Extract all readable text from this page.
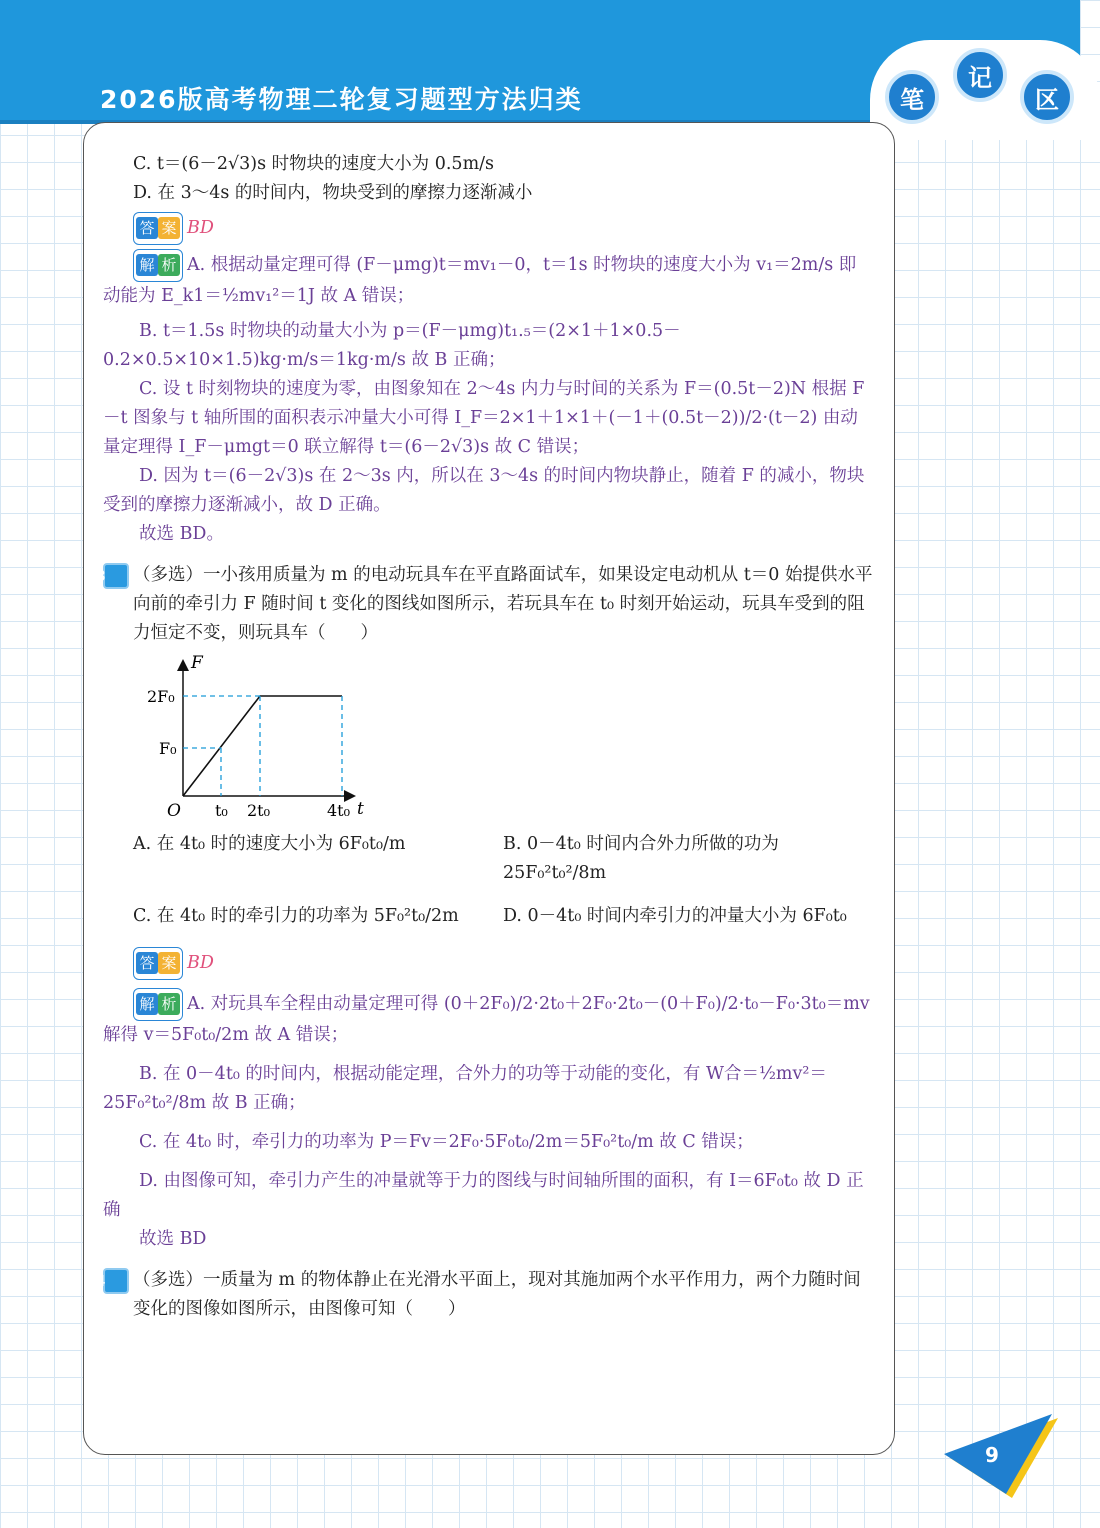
2026版高考物理二轮复习题型方法归类	笔
记
区

C. t＝(6－2√3)s 时物块的速度大小为 0.5m/s

D. 在 3～4s 的时间内，物块受到的摩擦力逐渐减小

答 案 BD

解 析 A. 根据动量定理可得 (F－μmg)t＝mv₁－0，t＝1s 时物块的速度大小为 v₁＝2m/s 即动能为 E_k1＝½mv₁²＝1J 故 A 错误；

B. t＝1.5s 时物块的动量大小为 p＝(F－μmg)t₁.₅＝(2×1＋1×0.5－0.2×0.5×10×1.5)kg·m/s＝1kg·m/s 故 B 正确；

C. 设 t 时刻物块的速度为零，由图象知在 2～4s 内力与时间的关系为 F＝(0.5t－2)N 根据 F－t 图象与 t 轴所围的面积表示冲量大小可得 I_F＝2×1＋1×1＋(－1＋(0.5t－2))/2·(t－2) 由动量定理得 I_F－μmgt＝0 联立解得 t＝(6－2√3)s 故 C 错误；

D. 因为 t＝(6－2√3)s 在 2～3s 内，所以在 3～4s 的时间内物块静止，随着 F 的减小，物块受到的摩擦力逐渐减小，故 D 正确。

故选 BD。

3 （多选）一小孩用质量为 m 的电动玩具车在平直路面试车，如果设定电动机从 t＝0 始提供水平向前的牵引力 F 随时间 t 变化的图线如图所示，若玩具车在 t₀ 时刻开始运动，玩具车受到的阻力恒定不变，则玩具车（　　）

F
t
O
2F₀
F₀
t₀ 2t₀	4t₀
A. 在 4t₀ 时的速度大小为 6F₀t₀/m	B. 0－4t₀ 时间内合外力所做的功为 25F₀²t₀²/8m
C. 在 4t₀ 时的牵引力的功率为 5F₀²t₀/2m	D. 0－4t₀ 时间内牵引力的冲量大小为 6F₀t₀

答 案 BD

解 析 A. 对玩具车全程由动量定理可得 (0＋2F₀)/2·2t₀＋2F₀·2t₀－(0＋F₀)/2·t₀－F₀·3t₀＝mv 解得 v＝5F₀t₀/2m 故 A 错误；

B. 在 0－4t₀ 的时间内，根据动能定理，合外力的功等于动能的变化，有 W合＝½mv²＝25F₀²t₀²/8m 故 B 正确；

C. 在 4t₀ 时，牵引力的功率为 P＝Fv＝2F₀·5F₀t₀/2m＝5F₀²t₀/m 故 C 错误；

D. 由图像可知，牵引力产生的冲量就等于力的图线与时间轴所围的面积，有 I＝6F₀t₀ 故 D 正确

故选 BD

4 （多选）一质量为 m 的物体静止在光滑水平面上，现对其施加两个水平作用力，两个力随时间变化的图像如图所示，由图像可知（　　）

9
